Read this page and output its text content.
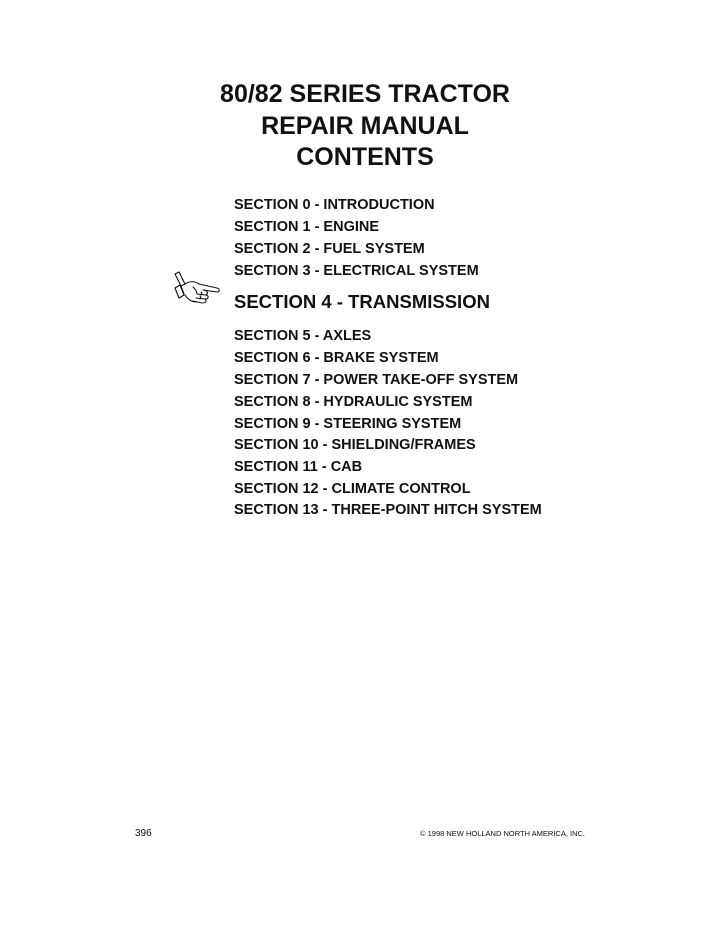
80/82 SERIES TRACTOR
REPAIR MANUAL
CONTENTS
SECTION 0 - INTRODUCTION
SECTION 1 - ENGINE
SECTION 2 - FUEL SYSTEM
SECTION 3 - ELECTRICAL SYSTEM
SECTION 4 - TRANSMISSION
SECTION 5 - AXLES
SECTION 6 - BRAKE SYSTEM
SECTION 7 - POWER TAKE-OFF SYSTEM
SECTION 8 - HYDRAULIC SYSTEM
SECTION 9 - STEERING SYSTEM
SECTION 10 - SHIELDING/FRAMES
SECTION 11 - CAB
SECTION 12 - CLIMATE CONTROL
SECTION 13 - THREE-POINT HITCH SYSTEM
396	© 1998 NEW HOLLAND NORTH AMERICA, INC.
